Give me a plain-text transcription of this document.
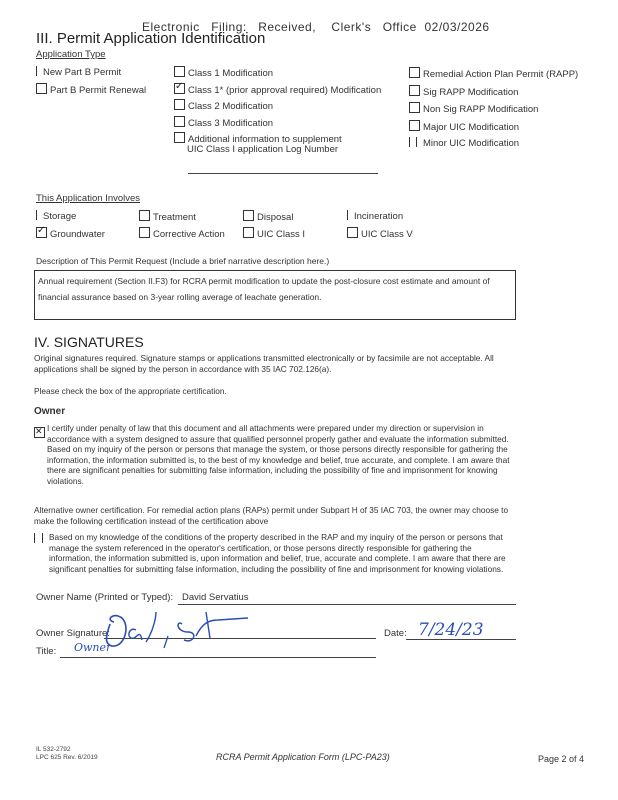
Electronic   Filing:   Received,    Clerk's   Office  02/03/2026
III. Permit Application Identification
Application Type
New Part B Permit
Part B Permit Renewal
Class 1 Modification
✓Class 1* (prior approval required) Modification
Class 2 Modification
Class 3 Modification
Additional information to supplement
UIC Class I application Log Number
Remedial Action Plan Permit (RAPP)
Sig RAPP Modification
Non Sig RAPP Modification
Major UIC Modification
Minor UIC Modification
This Application Involves
Storage	Treatment	Disposal	Incineration
✓Groundwater	Corrective Action	UIC Class I	UIC Class V
Description of This Permit Request (Include a brief narrative description here.)
Annual requirement (Section II.F3) for RCRA permit modification to update the post-closure cost estimate and amount of
financial assurance based on 3-year rolling average of leachate generation.
IV. SIGNATURES
Original signatures required. Signature stamps or applications transmitted electronically or by facsimile are not acceptable. All
applications shall be signed by the person in accordance with 35 IAC 702.126(a).
Please check the box of the appropriate certification.
Owner
✕
I certify under penalty of law that this document and all attachments were prepared under my direction or supervision in
accordance with a system designed to assure that qualified personnel properly gather and evaluate the information submitted.
Based on my inquiry of the person or persons that manage the system, or those persons directly responsible for gathering the
information, the information submitted is, to the best of my knowledge and belief, true accurate, and complete. I am aware that
there are significant penalties for submitting false information, including the possibility of fine and imprisonment for knowing
violations.
Alternative owner certification. For remedial action plans (RAPs) permit under Subpart H of 35 IAC 703, the owner may choose to
make the following certification instead of the certification above
Based on my knowledge of the conditions of the property described in the RAP and my inquiry of the person or persons that
manage the system referenced in the operator's certification, or those persons directly responsible for gathering the
information, the information submitted is, upon information and belief, true, accurate and complete. I am aware that there are
significant penalties for submitting false information, including the possibility of fine and imprisonment for knowing violations.
Owner Name (Printed or Typed): David Servatius
Owner Signature:	Date: 7/24/23
Title: Owner
IL 532-2792
LPC 625 Rev. 6/2019	RCRA Permit Application Form (LPC-PA23)	Page 2 of 4
